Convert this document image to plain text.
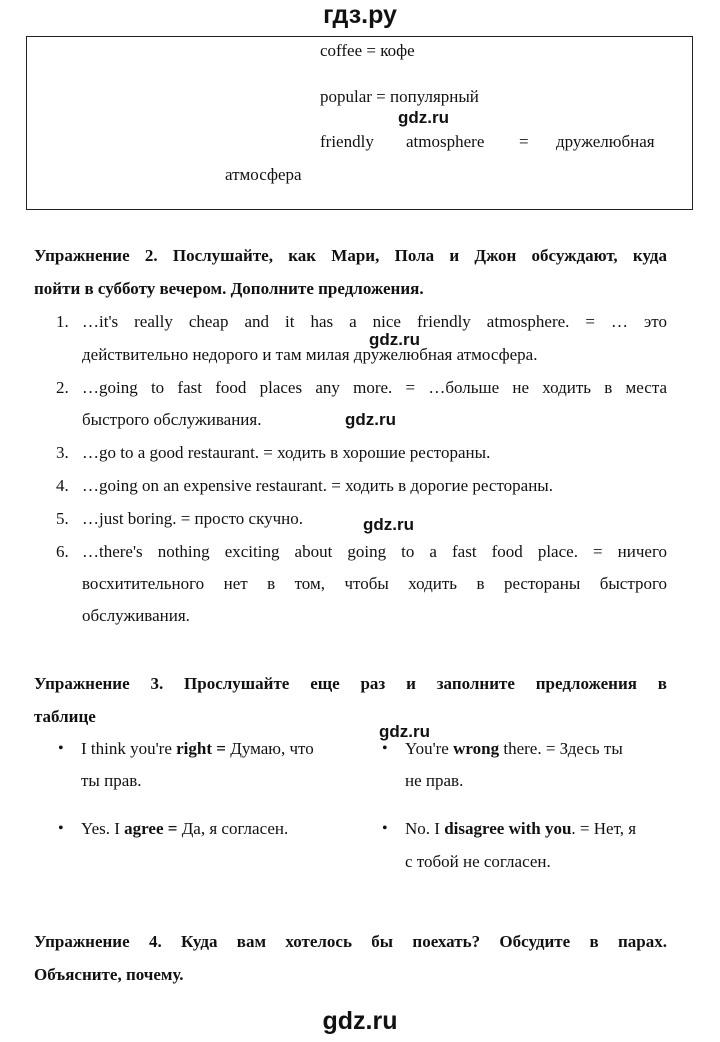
гдз.ру
coffee = кофе
popular = популярный
gdz.ru
friendly atmosphere = дружелюбная
атмосфера
Упражнение 2. Послушайте, как Мари, Пола и Джон обсуждают, куда
пойти в субботу вечером. Дополните предложения.
1. …it's really cheap and it has a nice friendly atmosphere. = … это
gdz.ru
действительно недорого и там милая дружелюбная атмосфера.
2. …going to fast food places any more. = …больше не ходить в места
быстрого обслуживания.	gdz.ru
3. …go to a good restaurant. = ходить в хорошие рестораны.
4. …going on an expensive restaurant. = ходить в дорогие рестораны.
5. …just boring. = просто скучно.	gdz.ru
6. …there's nothing exciting about going to a fast food place. = ничего
восхитительного нет в том, чтобы ходить в рестораны быстрого
обслуживания.
Упражнение 3. Прослушайте еще раз и заполните предложения в
таблице
gdz.ru
• I think you're right = Думаю, что
ты прав.
• You're wrong there. = Здесь ты
не прав.
• Yes. I agree = Да, я согласен.	• No. I disagree with you. = Нет, я
с тобой не согласен.
Упражнение 4. Куда вам хотелось бы поехать? Обсудите в парах.
Объясните, почему.
gdz.ru
